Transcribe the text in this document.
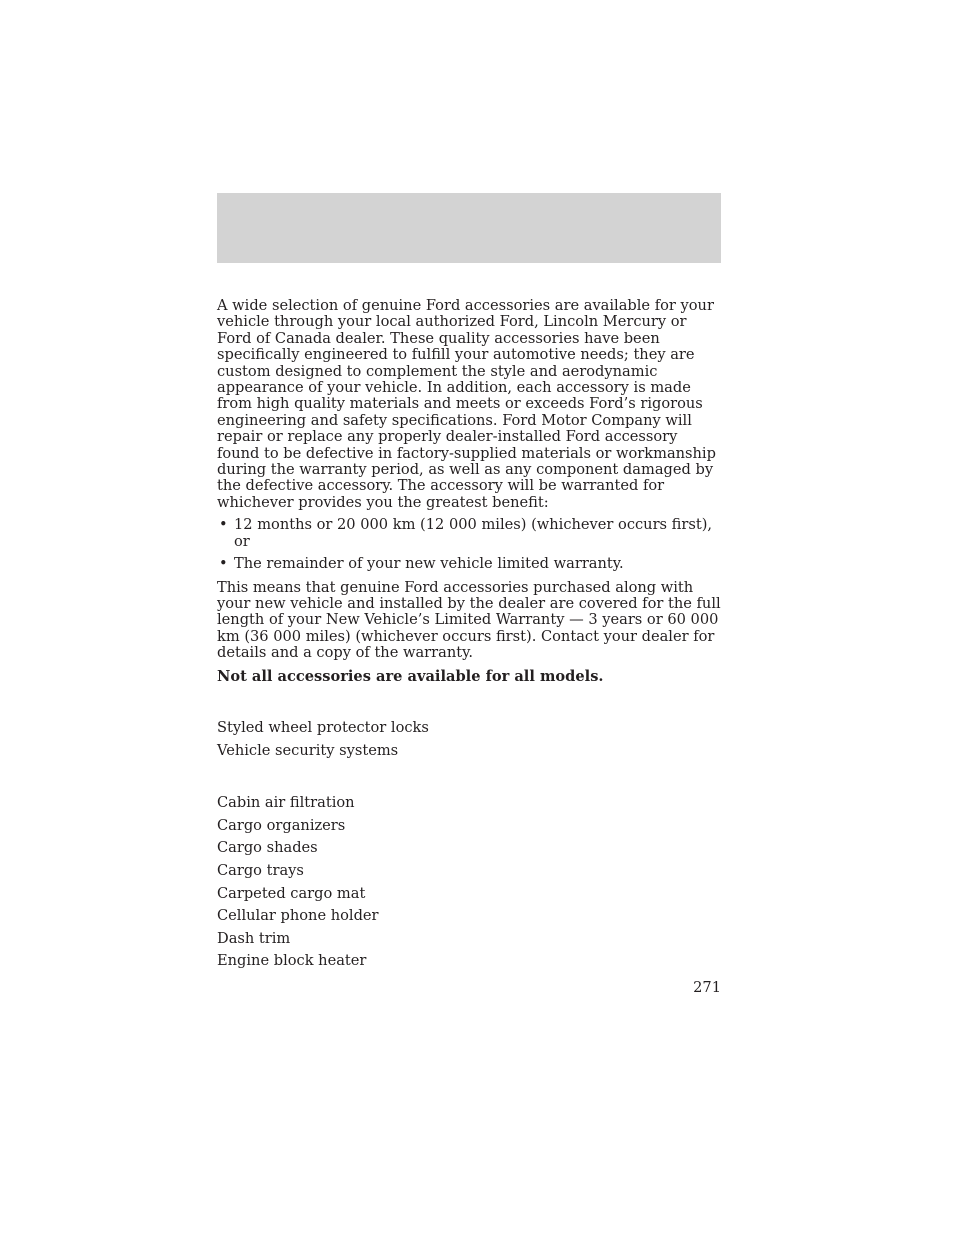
A wide selection of genuine Ford accessories are available for your vehicle through your local authorized Ford, Lincoln Mercury or Ford of Canada dealer. These quality accessories have been specifically engineered to fulfill your automotive needs; they are custom designed to complement the style and aerodynamic appearance of your vehicle. In addition, each accessory is made from high quality materials and meets or exceeds Ford’s rigorous engineering and safety specifications. Ford Motor Company will repair or replace any properly dealer-installed Ford accessory found to be defective in factory-supplied materials or workmanship during the warranty period, as well as any component damaged by the defective accessory. The accessory will be warranted for whichever provides you the greatest benefit:

• 12 months or 20 000 km (12 000 miles) (whichever occurs first), or
• The remainder of your new vehicle limited warranty.

This means that genuine Ford accessories purchased along with your new vehicle and installed by the dealer are covered for the full length of your New Vehicle’s Limited Warranty — 3 years or 60 000 km (36 000 miles) (whichever occurs first). Contact your dealer for details and a copy of the warranty.

Not all accessories are available for all models.

Styled wheel protector locks
Vehicle security systems
Cabin air filtration
Cargo organizers
Cargo shades
Cargo trays
Carpeted cargo mat
Cellular phone holder
Dash trim
Engine block heater
271
